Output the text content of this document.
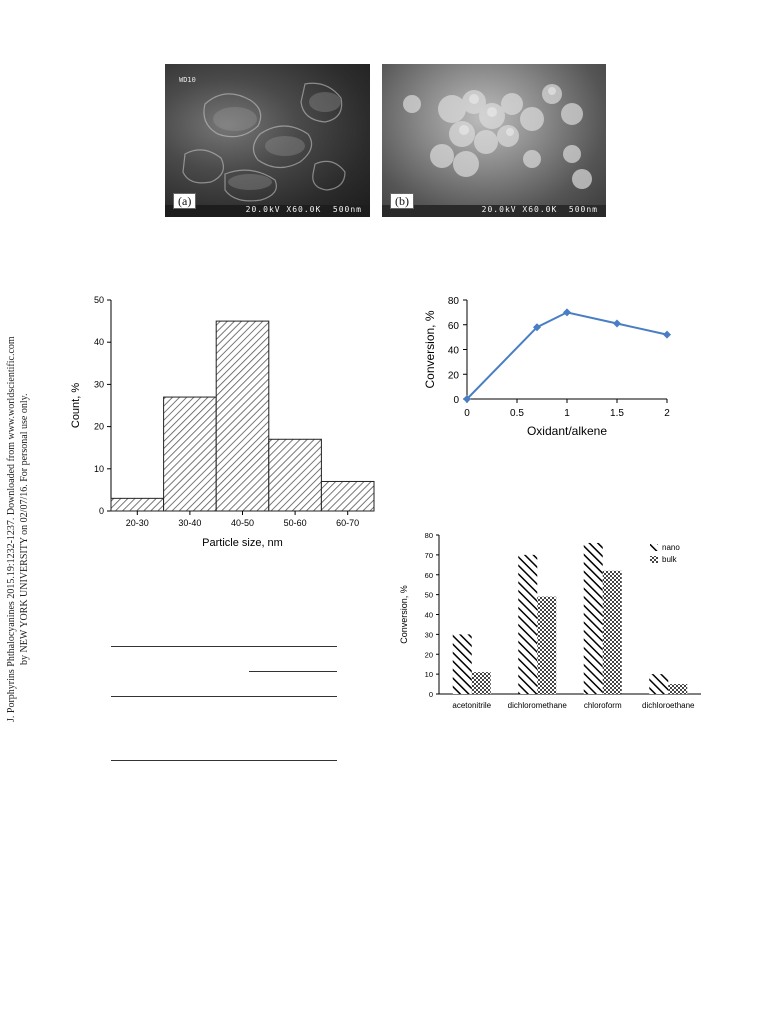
J. Porphyrins Phthalocyanines 2015.19:1232-1237. Downloaded from www.worldscientific.com by NEW YORK UNIVERSITY on 02/07/16. For personal use only.
WD10
(a)
20.0kV X60.0K  500nm
(b)
20.0kV X60.0K  500nm
0
10
20
30
40
50
20-30	30-40	40-50	50-60	60-70
Particle size, nm
Count, %	0
20
40
60
80
0	0.5	1	1.5	2
Oxidant/alkene
Conversion, %
0
10
20
30
40
50
60
70
80
acetonitrile dichloromethane chloroform	dichloroethane
nano
bulk
Conversion, %
